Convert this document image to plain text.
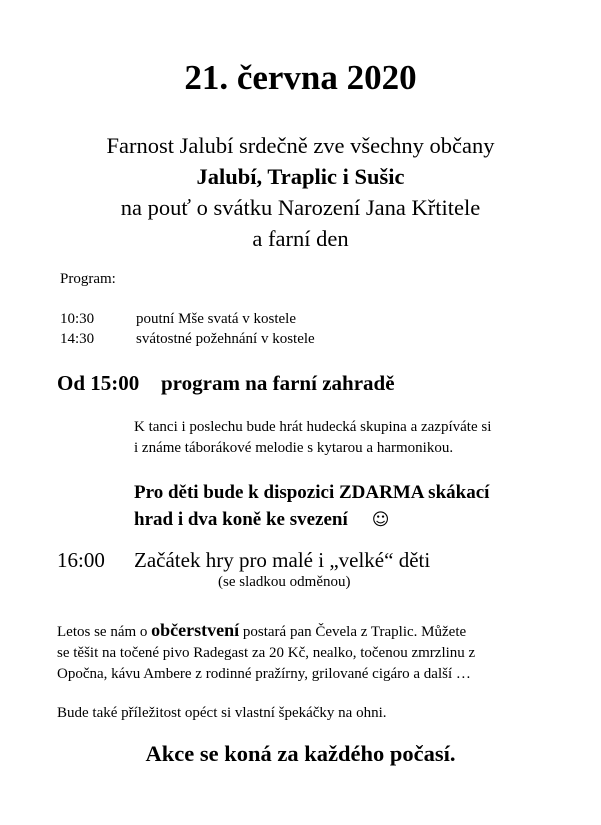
21. června 2020
Farnost Jalubí srdečně zve všechny občany
Jalubí, Traplic i Sušic
na pouť o svátku Narození Jana Křtitele
a farní den
Program:
10:30	poutní Mše svatá v kostele
14:30	svátostné požehnání v kostele
Od 15:00 program na farní zahradě
K tanci i poslechu bude hrát hudecká skupina a zazpíváte si
i známe táborákové melodie s kytarou a harmonikou.
Pro děti bude k dispozici ZDARMA skákací
hrad i dva koně ke svezení ☺
16:00 Začátek hry pro malé i „velké“ děti
(se sladkou odměnou)
Letos se nám o občerstvení postará pan Čevela z Traplic. Můžete
se těšit na točené pivo Radegast za 20 Kč, nealko, točenou zmrzlinu z
Opočna, kávu Ambere z rodinné pražírny, grilované cigáro a další …
Bude také příležitost opéct si vlastní špekáčky na ohni.
Akce se koná za každého počasí.
